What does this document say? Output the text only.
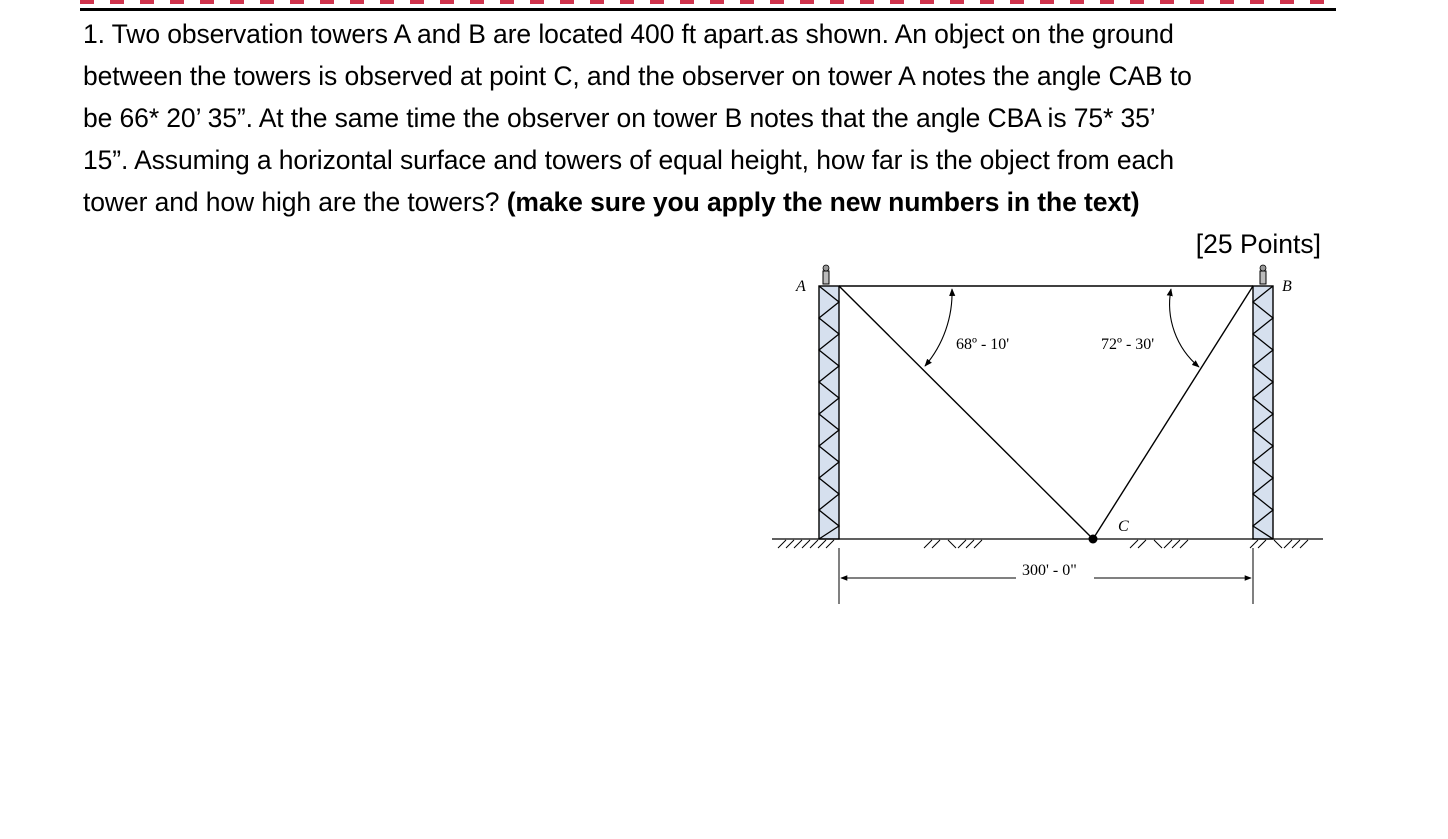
1. Two observation towers A and B are located 400 ft apart.as shown. An object on the ground
between the towers is observed at point C, and the observer on tower A notes the angle CAB to
be 66* 20’ 35”. At the same time the observer on tower B notes that the angle CBA is 75* 35’
15”. Assuming a horizontal surface and towers of equal height, how far is the object from each
tower and how high are the towers? (make sure you apply the new numbers in the text)
[25 Points]
A	B
C
68º - 10'	72º - 30'
300' - 0"
